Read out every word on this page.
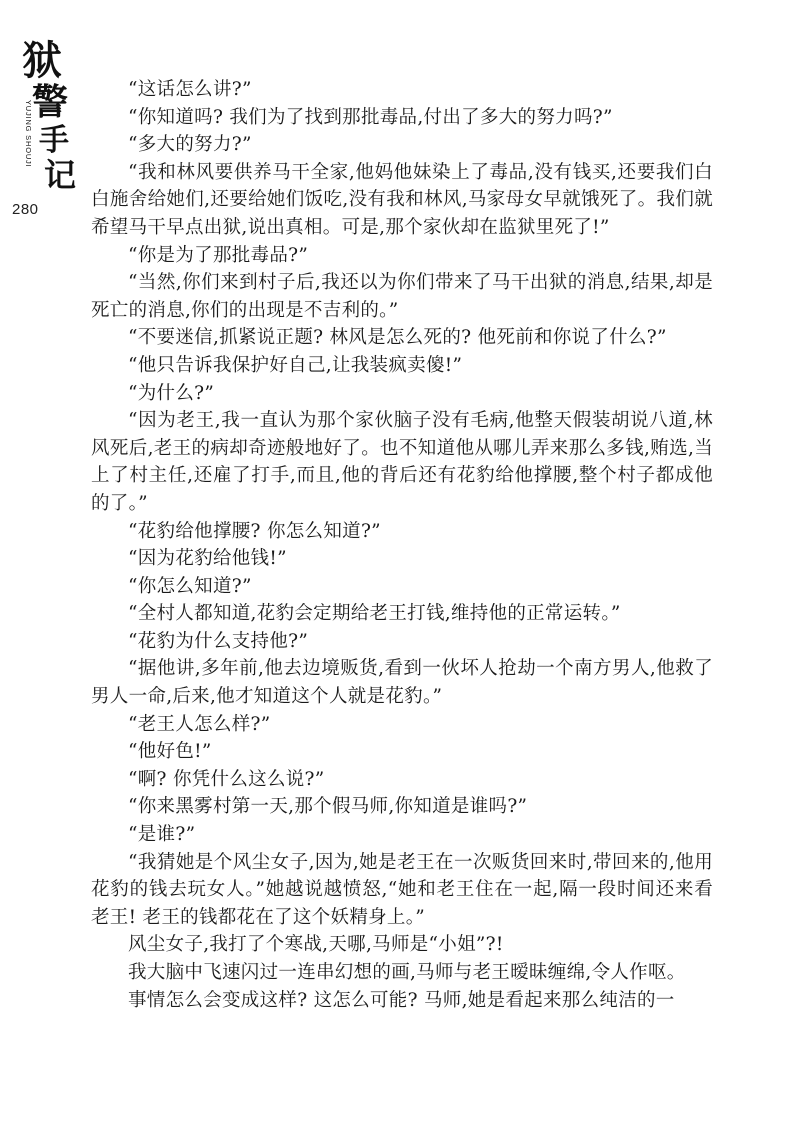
狱
警
手
记
YUJING SHOUJI
280

“这话怎么讲?”

“你知道吗? 我们为了找到那批毒品,付出了多大的努力吗?”

“多大的努力?”

“我和林风要供养马干全家,他妈他妹染上了毒品,没有钱买,还要我们白白施舍给她们,还要给她们饭吃,没有我和林风,马家母女早就饿死了。我们就希望马干早点出狱,说出真相。可是,那个家伙却在监狱里死了!”

“你是为了那批毒品?”

“当然,你们来到村子后,我还以为你们带来了马干出狱的消息,结果,却是死亡的消息,你们的出现是不吉利的。”

“不要迷信,抓紧说正题? 林风是怎么死的? 他死前和你说了什么?”

“他只告诉我保护好自己,让我装疯卖傻!”

“为什么?”

“因为老王,我一直认为那个家伙脑子没有毛病,他整天假装胡说八道,林风死后,老王的病却奇迹般地好了。也不知道他从哪儿弄来那么多钱,贿选,当上了村主任,还雇了打手,而且,他的背后还有花豹给他撑腰,整个村子都成他的了。”

“花豹给他撑腰? 你怎么知道?”

“因为花豹给他钱!”

“你怎么知道?”

“全村人都知道,花豹会定期给老王打钱,维持他的正常运转。”

“花豹为什么支持他?”

“据他讲,多年前,他去边境贩货,看到一伙坏人抢劫一个南方男人,他救了男人一命,后来,他才知道这个人就是花豹。”

“老王人怎么样?”

“他好色!”

“啊? 你凭什么这么说?”

“你来黑雾村第一天,那个假马师,你知道是谁吗?”

“是谁?”

“我猜她是个风尘女子,因为,她是老王在一次贩货回来时,带回来的,他用花豹的钱去玩女人。”她越说越愤怒,“她和老王住在一起,隔一段时间还来看老王! 老王的钱都花在了这个妖精身上。”

风尘女子,我打了个寒战,天哪,马师是“小姐”?!

我大脑中飞速闪过一连串幻想的画,马师与老王暧昧缠绵,令人作呕。

事情怎么会变成这样? 这怎么可能? 马师,她是看起来那么纯洁的一
